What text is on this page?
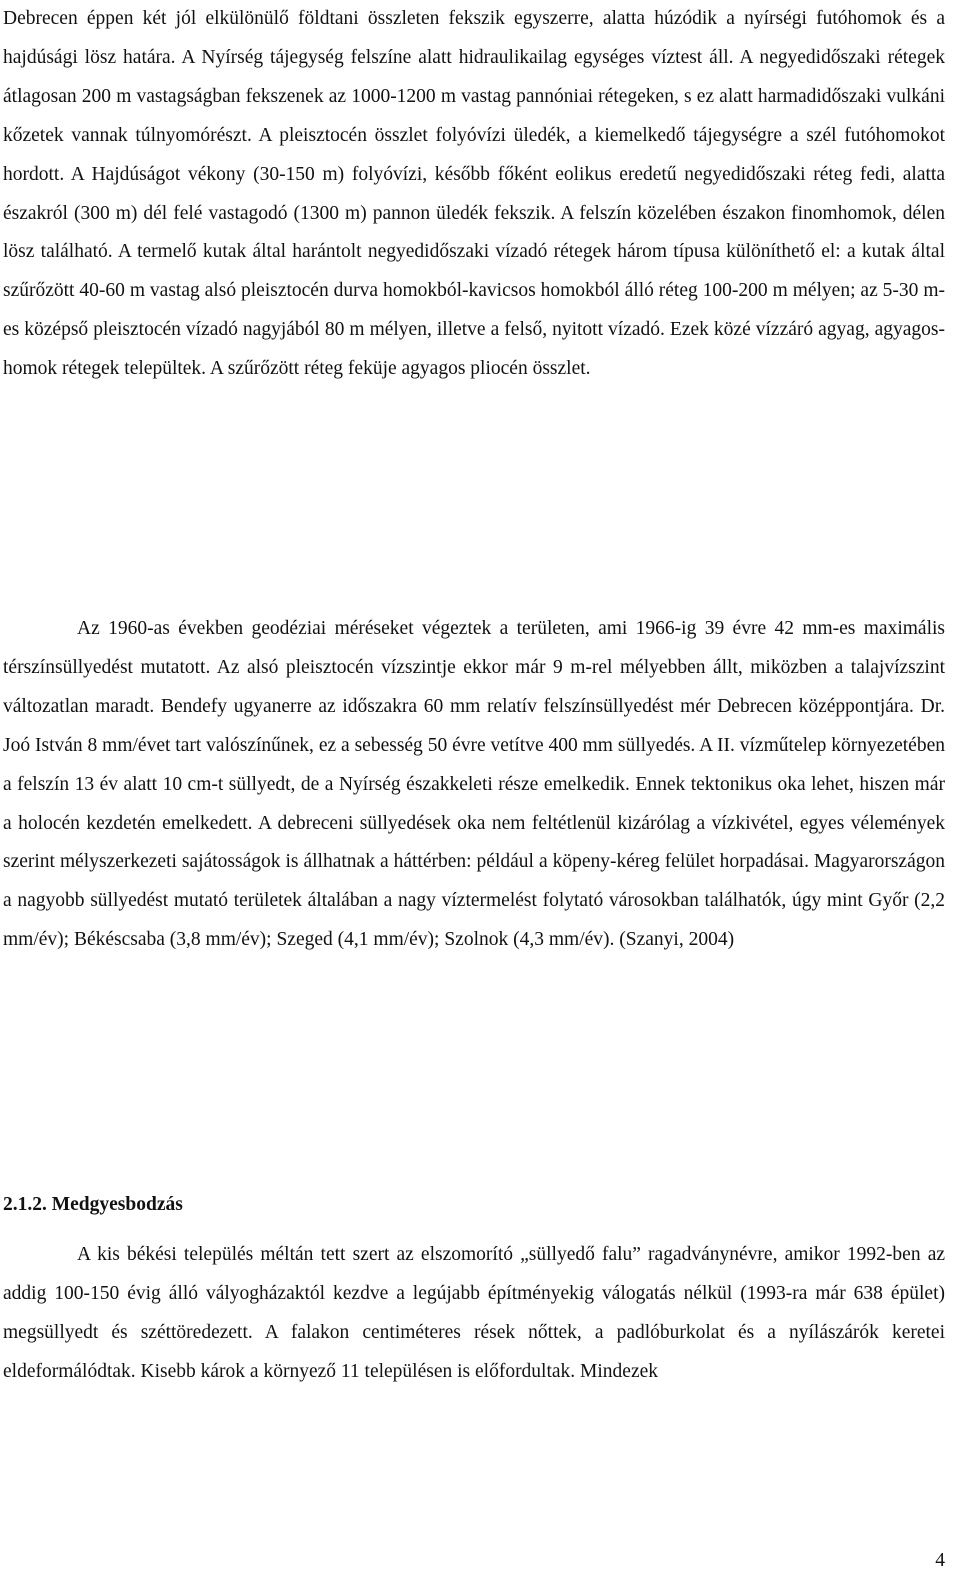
Debrecen éppen két jól elkülönülő földtani összleten fekszik egyszerre, alatta húzódik a nyírségi futóhomok és a hajdúsági lösz határa. A Nyírség tájegység felszíne alatt hidraulikailag egységes víztest áll. A negyedidőszaki rétegek átlagosan 200 m vastagságban fekszenek az 1000-1200 m vastag pannóniai rétegeken, s ez alatt harmadidőszaki vulkáni kőzetek vannak túlnyomórészt. A pleisztocén összlet folyóvízi üledék, a kiemelkedő tájegységre a szél futóhomokot hordott. A Hajdúságot vékony (30-150 m) folyóvízi, később főként eolikus eredetű negyedidőszaki réteg fedi, alatta északról (300 m) dél felé vastagodó (1300 m) pannon üledék fekszik. A felszín közelében északon finomhomok, délen lösz található. A termelő kutak által harántolt negyedidőszaki vízadó rétegek három típusa különíthető el: a kutak által szűrőzött 40-60 m vastag alsó pleisztocén durva homokból-kavicsos homokból álló réteg 100-200 m mélyen; az 5-30 m-es középső pleisztocén vízadó nagyjából 80 m mélyen, illetve a felső, nyitott vízadó. Ezek közé vízzáró agyag, agyagos-homok rétegek települtek. A szűrőzött réteg feküje agyagos pliocén összlet.

Az 1960-as években geodéziai méréseket végeztek a területen, ami 1966-ig 39 évre 42 mm-es maximális térszínsüllyedést mutatott. Az alsó pleisztocén vízszintje ekkor már 9 m-rel mélyebben állt, miközben a talajvízszint változatlan maradt. Bendefy ugyanerre az időszakra 60 mm relatív felszínsüllyedést mér Debrecen középpontjára. Dr. Joó István 8 mm/évet tart valószínűnek, ez a sebesség 50 évre vetítve 400 mm süllyedés. A II. vízműtelep környezetében a felszín 13 év alatt 10 cm-t süllyedt, de a Nyírség északkeleti része emelkedik. Ennek tektonikus oka lehet, hiszen már a holocén kezdetén emelkedett. A debreceni süllyedések oka nem feltétlenül kizárólag a vízkivétel, egyes vélemények szerint mélyszerkezeti sajátosságok is állhatnak a háttérben: például a köpeny-kéreg felület horpadásai. Magyarországon a nagyobb süllyedést mutató területek általában a nagy víztermelést folytató városokban találhatók, úgy mint Győr (2,2 mm/év); Békéscsaba (3,8 mm/év); Szeged (4,1 mm/év); Szolnok (4,3 mm/év). (Szanyi, 2004)

2.1.2. Medgyesbodzás

A kis békési település méltán tett szert az elszomorító „süllyedő falu” ragadványnévre, amikor 1992-ben az addig 100-150 évig álló vályogházaktól kezdve a legújabb építményekig válogatás nélkül (1993-ra már 638 épület) megsüllyedt és széttöredezett. A falakon centiméteres rések nőttek, a padlóburkolat és a nyílászárók keretei eldeformálódtak. Kisebb károk a környező 11 településen is előfordultak. Mindezek

4
